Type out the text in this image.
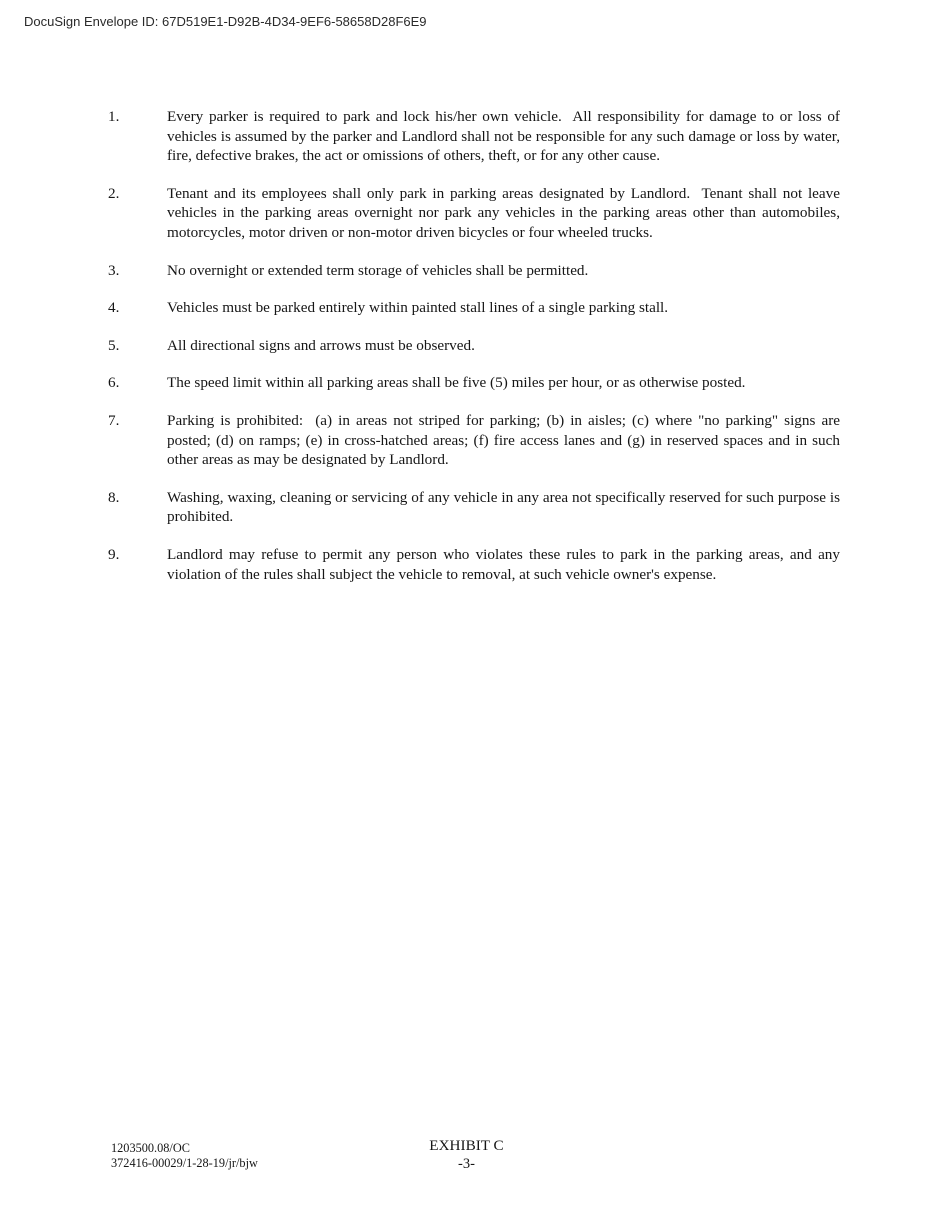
DocuSign Envelope ID: 67D519E1-D92B-4D34-9EF6-58658D28F6E9
1.	Every parker is required to park and lock his/her own vehicle.  All responsibility for damage to or loss of vehicles is assumed by the parker and Landlord shall not be responsible for any such damage or loss by water, fire, defective brakes, the act or omissions of others, theft, or for any other cause.
2.	Tenant and its employees shall only park in parking areas designated by Landlord.  Tenant shall not leave vehicles in the parking areas overnight nor park any vehicles in the parking areas other than automobiles, motorcycles, motor driven or non-motor driven bicycles or four wheeled trucks.
3.	No overnight or extended term storage of vehicles shall be permitted.
4.	Vehicles must be parked entirely within painted stall lines of a single parking stall.
5.	All directional signs and arrows must be observed.
6.	The speed limit within all parking areas shall be five (5) miles per hour, or as otherwise posted.
7.	Parking is prohibited:  (a) in areas not striped for parking; (b) in aisles; (c) where "no parking" signs are posted; (d) on ramps; (e) in cross-hatched areas; (f) fire access lanes and (g) in reserved spaces and in such other areas as may be designated by Landlord.
8.	Washing, waxing, cleaning or servicing of any vehicle in any area not specifically reserved for such purpose is prohibited.
9.	Landlord may refuse to permit any person who violates these rules to park in the parking areas, and any violation of the rules shall subject the vehicle to removal, at such vehicle owner's expense.
1203500.08/OC
372416-00029/1-28-19/jr/bjw
EXHIBIT C
-3-
